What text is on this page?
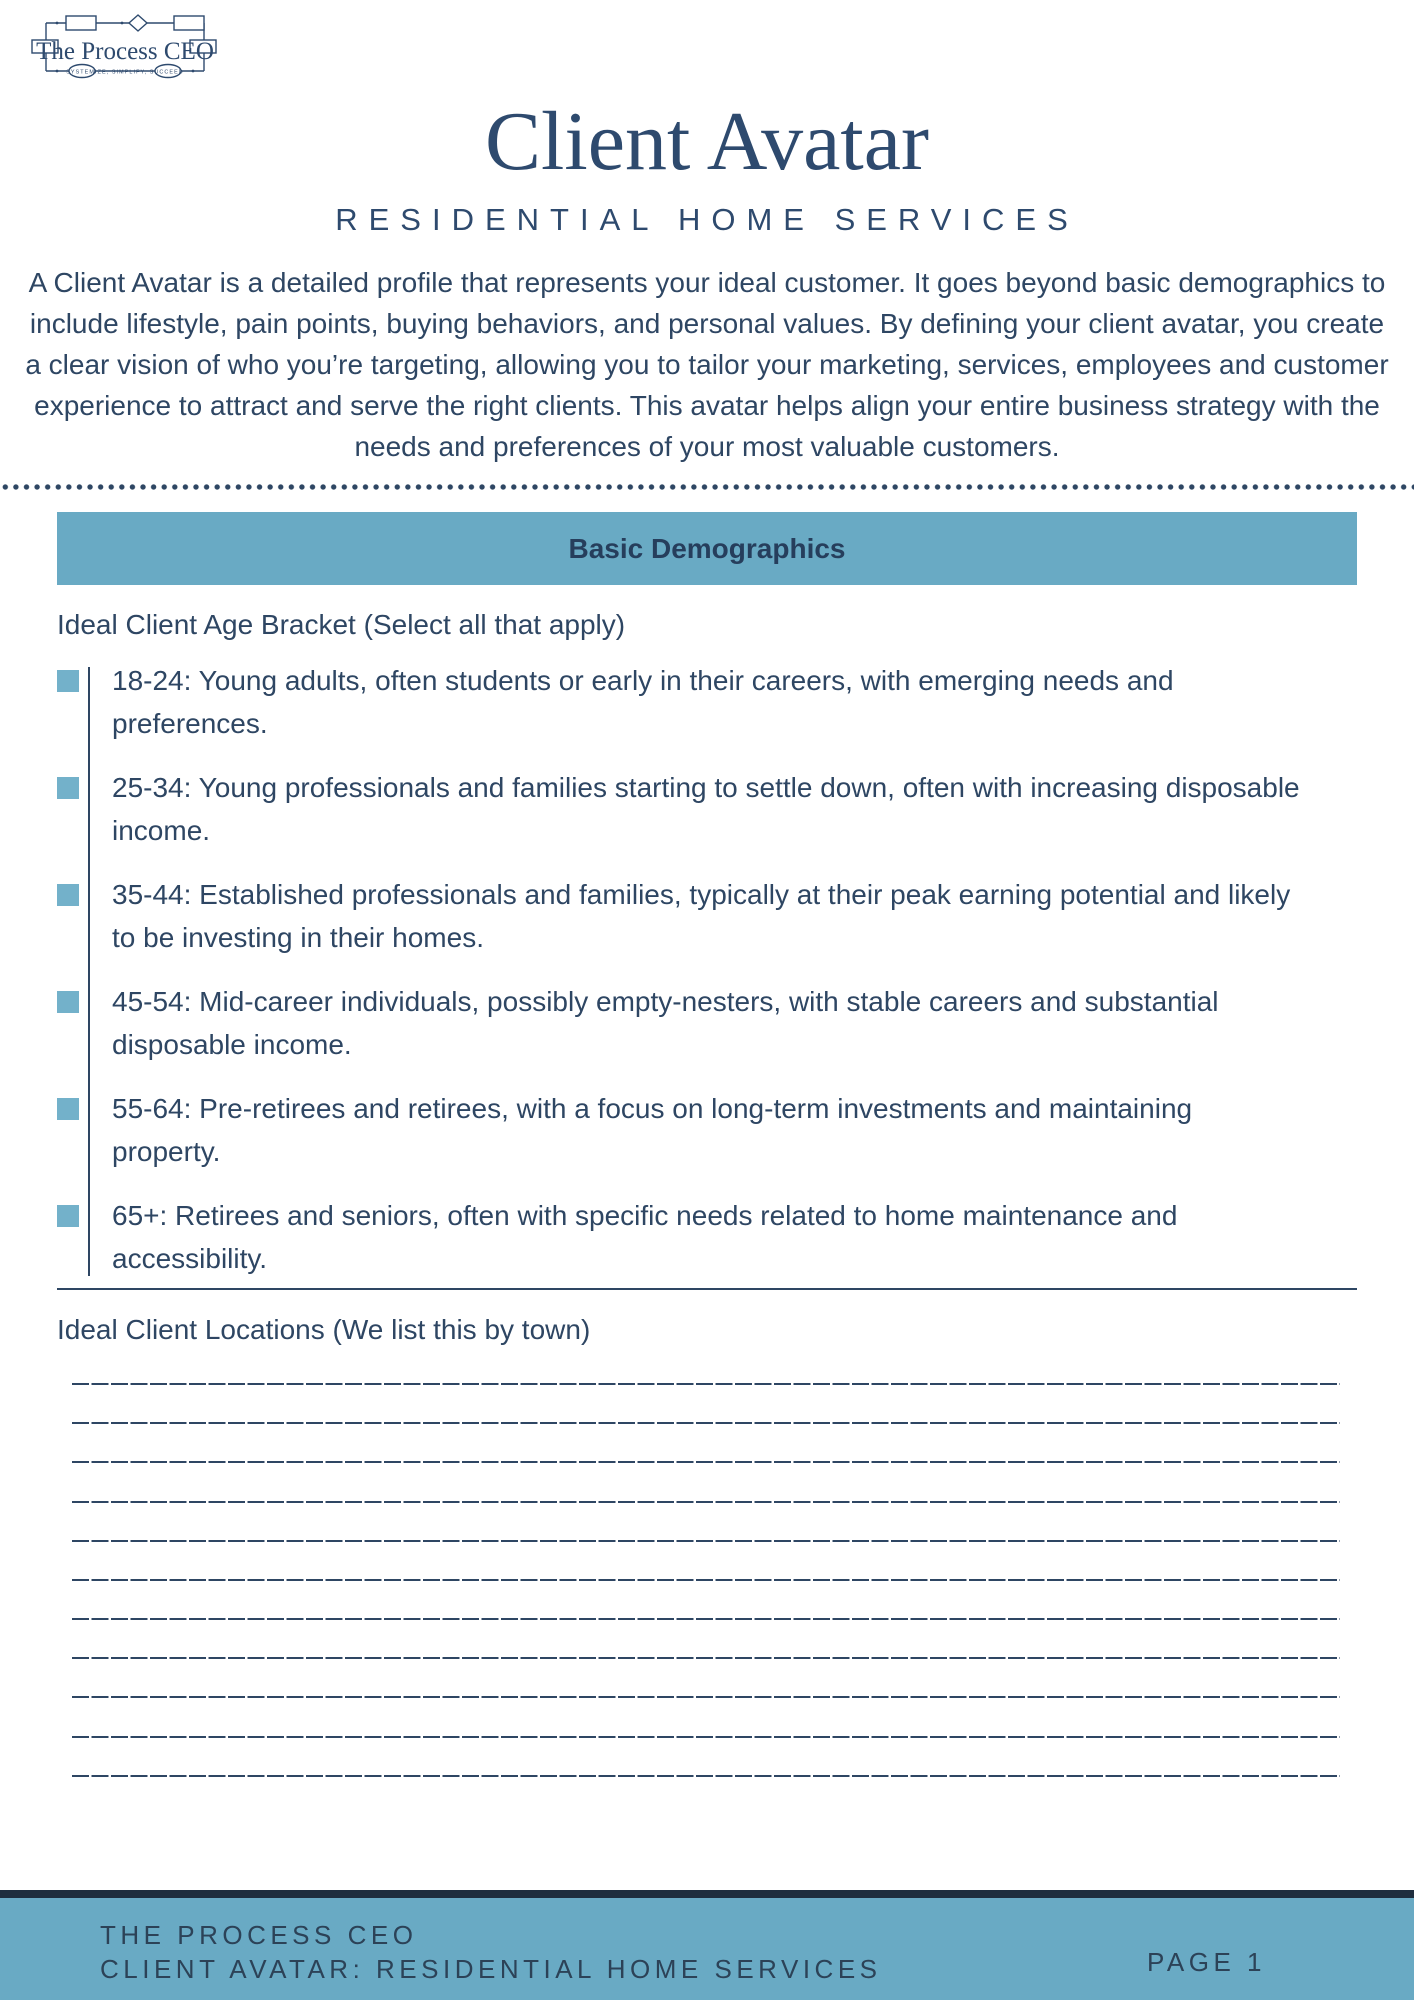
The Process CEO
SYSTEMIZE, SIMPLIFY, SUCCEED
Client Avatar
RESIDENTIAL HOME SERVICES
A Client Avatar is a detailed profile that represents your ideal customer. It goes beyond basic demographics to include lifestyle, pain points, buying behaviors, and personal values. By defining your client avatar, you create a clear vision of who you’re targeting, allowing you to tailor your marketing, services, employees and customer experience to attract and serve the right clients. This avatar helps align your entire business strategy with the needs and preferences of your most valuable customers.
Basic Demographics
Ideal Client Age Bracket (Select all that apply)
18-24: Young adults, often students or early in their careers, with emerging needs and preferences.
25-34: Young professionals and families starting to settle down, often with increasing disposable income.
35-44: Established professionals and families, typically at their peak earning potential and likely to be investing in their homes.
45-54: Mid-career individuals, possibly empty-nesters, with stable careers and substantial disposable income.
55-64: Pre-retirees and retirees, with a focus on long-term investments and maintaining property.
65+: Retirees and seniors, often with specific needs related to home maintenance and accessibility.
Ideal Client Locations (We list this by town)
THE PROCESS CEO
CLIENT AVATAR: RESIDENTIAL HOME SERVICES	PAGE 1
